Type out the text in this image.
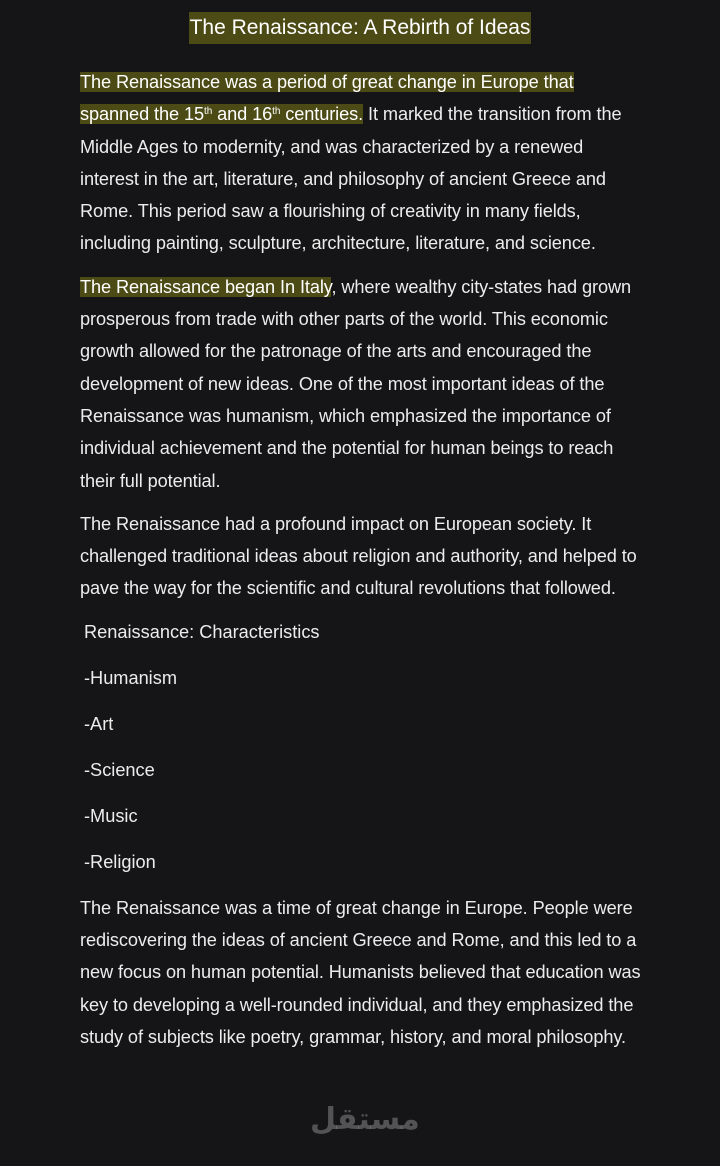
The Renaissance: A Rebirth of Ideas

The Renaissance was a period of great change in Europe that spanned the 15th and 16th centuries. It marked the transition from the Middle Ages to modernity, and was characterized by a renewed interest in the art, literature, and philosophy of ancient Greece and Rome. This period saw a flourishing of creativity in many fields, including painting, sculpture, architecture, literature, and science.

The Renaissance began In Italy, where wealthy city-states had grown prosperous from trade with other parts of the world. This economic growth allowed for the patronage of the arts and encouraged the development of new ideas. One of the most important ideas of the Renaissance was humanism, which emphasized the importance of individual achievement and the potential for human beings to reach their full potential.

The Renaissance had a profound impact on European society. It challenged traditional ideas about religion and authority, and helped to pave the way for the scientific and cultural revolutions that followed.

Renaissance: Characteristics
-Humanism
-Art
-Science
-Music
-Religion

The Renaissance was a time of great change in Europe. People were rediscovering the ideas of ancient Greece and Rome, and this led to a new focus on human potential. Humanists believed that education was key to developing a well-rounded individual, and they emphasized the study of subjects like poetry, grammar, history, and moral philosophy.

مستقل
